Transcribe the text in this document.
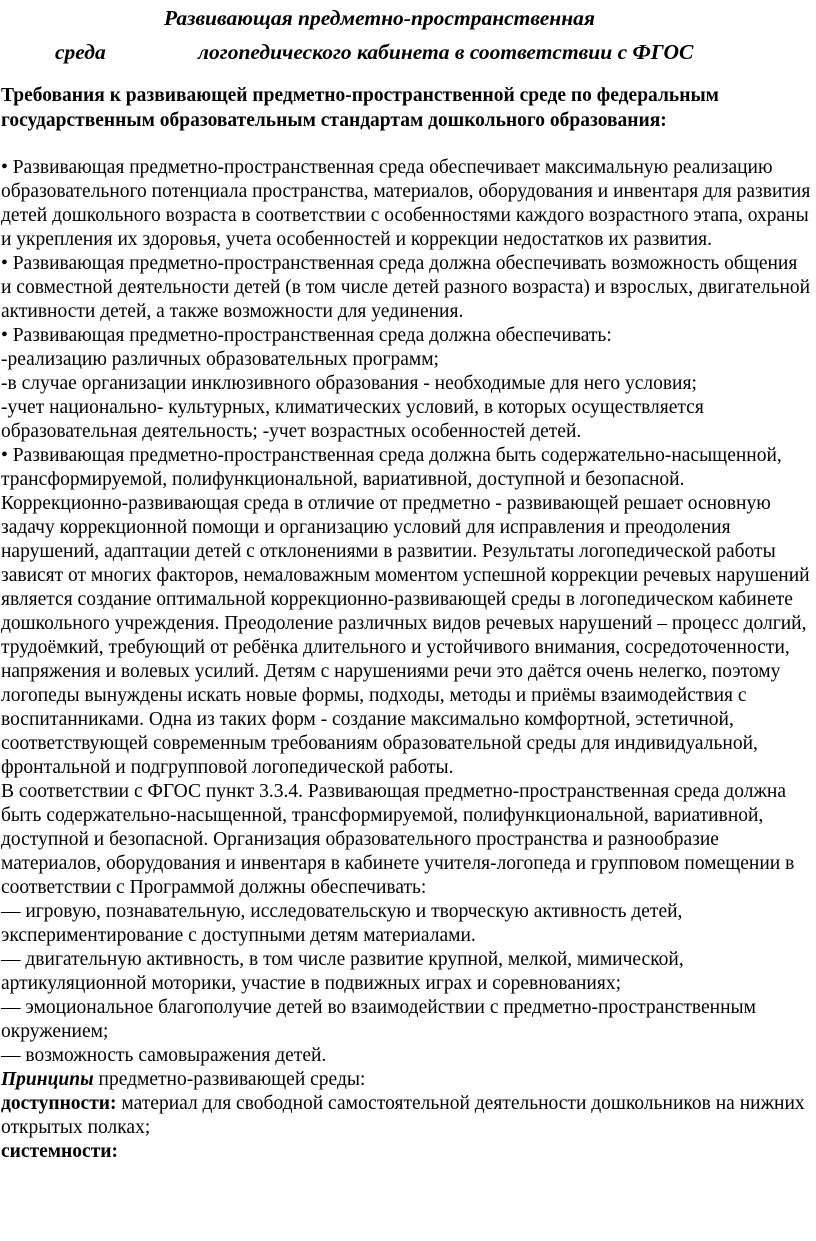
Развивающая предметно-пространственная
среда	логопедического кабинета в соответствии с ФГОС

Требования к развивающей предметно-пространственной среде по федеральным государственным образовательным стандартам дошкольного образования:

• Развивающая предметно-пространственная среда обеспечивает максимальную реализацию образовательного потенциала пространства, материалов, оборудования и инвентаря для развития детей дошкольного возраста в соответствии с особенностями каждого возрастного этапа, охраны и укрепления их здоровья, учета особенностей и коррекции недостатков их развития.

• Развивающая предметно-пространственная среда должна обеспечивать возможность общения и совместной деятельности детей (в том числе детей разного возраста) и взрослых, двигательной активности детей, а также возможности для уединения.

• Развивающая предметно-пространственная среда должна обеспечивать:

-реализацию различных образовательных программ;

-в случае организации инклюзивного образования - необходимые для него условия;

-учет национально- культурных, климатических условий, в которых осуществляется образовательная деятельность; -учет возрастных особенностей детей.

• Развивающая предметно-пространственная среда должна быть содержательно-насыщенной, трансформируемой, полифункциональной, вариативной, доступной и безопасной.

Коррекционно-развивающая среда в отличие от предметно - развивающей решает основную задачу коррекционной помощи и организацию условий для исправления и преодоления нарушений, адаптации детей с отклонениями в развитии. Результаты логопедической работы зависят от многих факторов, немаловажным моментом успешной коррекции речевых нарушений является создание оптимальной коррекционно-развивающей среды в логопедическом кабинете дошкольного учреждения. Преодоление различных видов речевых нарушений – процесс долгий, трудоёмкий, требующий от ребёнка длительного и устойчивого внимания, сосредоточенности, напряжения и волевых усилий. Детям с нарушениями речи это даётся очень нелегко, поэтому логопеды вынуждены искать новые формы, подходы, методы и приёмы взаимодействия с воспитанниками. Одна из таких форм - создание максимально комфортной, эстетичной, соответствующей современным требованиям образовательной среды для индивидуальной, фронтальной и подгрупповой логопедической работы.

В соответствии с ФГОС пункт 3.3.4. Развивающая предметно-пространственная среда должна быть содержательно-насыщенной, трансформируемой, полифункциональной, вариативной, доступной и безопасной. Организация образовательного пространства и разнообразие материалов, оборудования и инвентаря в кабинете учителя-логопеда и групповом помещении в соответствии с Программой должны обеспечивать:

— игровую, познавательную, исследовательскую и творческую активность детей, экспериментирование с доступными детям материалами.

— двигательную активность, в том числе развитие крупной, мелкой, мимической, артикуляционной моторики, участие в подвижных играх и соревнованиях;

— эмоциональное благополучие детей во взаимодействии с предметно-пространственным окружением;

— возможность самовыражения детей.

Принципы предметно-развивающей среды:

доступности: материал для свободной самостоятельной деятельности дошкольников на нижних открытых полках;

системности:
